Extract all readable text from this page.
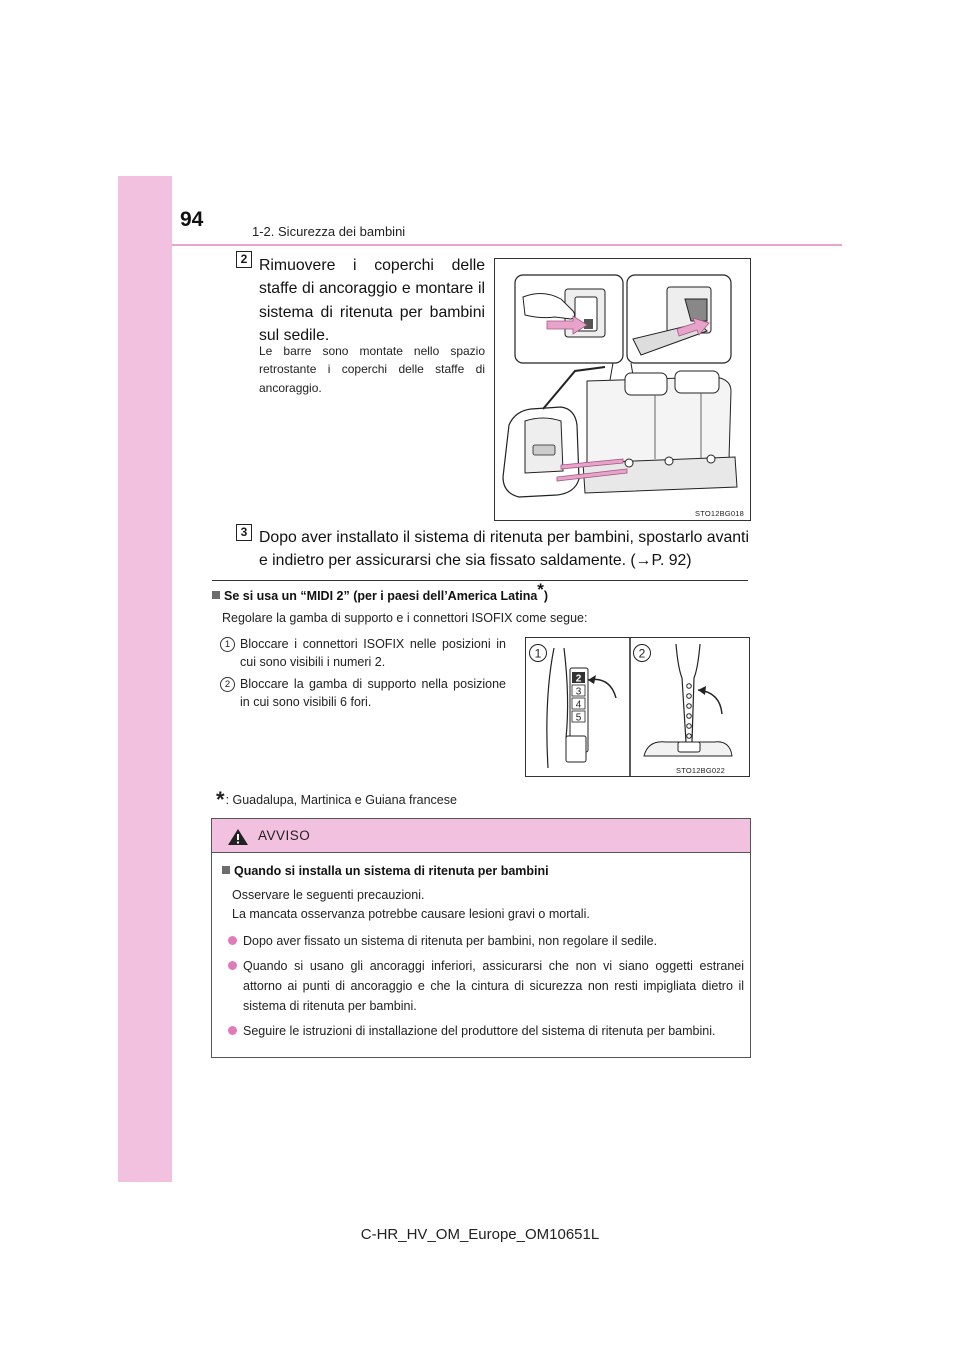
94
1-2. Sicurezza dei bambini
2 Rimuovere i coperchi delle staffe di ancoraggio e montare il sistema di ritenuta per bambini sul sedile.
Le barre sono montate nello spazio retrostante i coperchi delle staffe di ancoraggio.
STO12BG018
3 Dopo aver installato il sistema di ritenuta per bambini, spostarlo avanti e indietro per assicurarsi che sia fissato saldamente. (→P. 92)
Se si usa un “MIDI 2” (per i paesi dell’America Latina*)
Regolare la gamba di supporto e i connettori ISOFIX come segue:
1 Bloccare i connettori ISOFIX nelle posizioni in cui sono visibili i numeri 2.
2 Bloccare la gamba di supporto nella posizione in cui sono visibili 6 fori.
1	2
2
3
4
5
STO12BG022
*: Guadalupa, Martinica e Guiana francese
AVVISO
Quando si installa un sistema di ritenuta per bambini
Osservare le seguenti precauzioni.
La mancata osservanza potrebbe causare lesioni gravi o mortali.
Dopo aver fissato un sistema di ritenuta per bambini, non regolare il sedile.
Quando si usano gli ancoraggi inferiori, assicurarsi che non vi siano oggetti estranei attorno ai punti di ancoraggio e che la cintura di sicurezza non resti impigliata dietro il sistema di ritenuta per bambini.
Seguire le istruzioni di installazione del produttore del sistema di ritenuta per bambini.
C-HR_HV_OM_Europe_OM10651L
